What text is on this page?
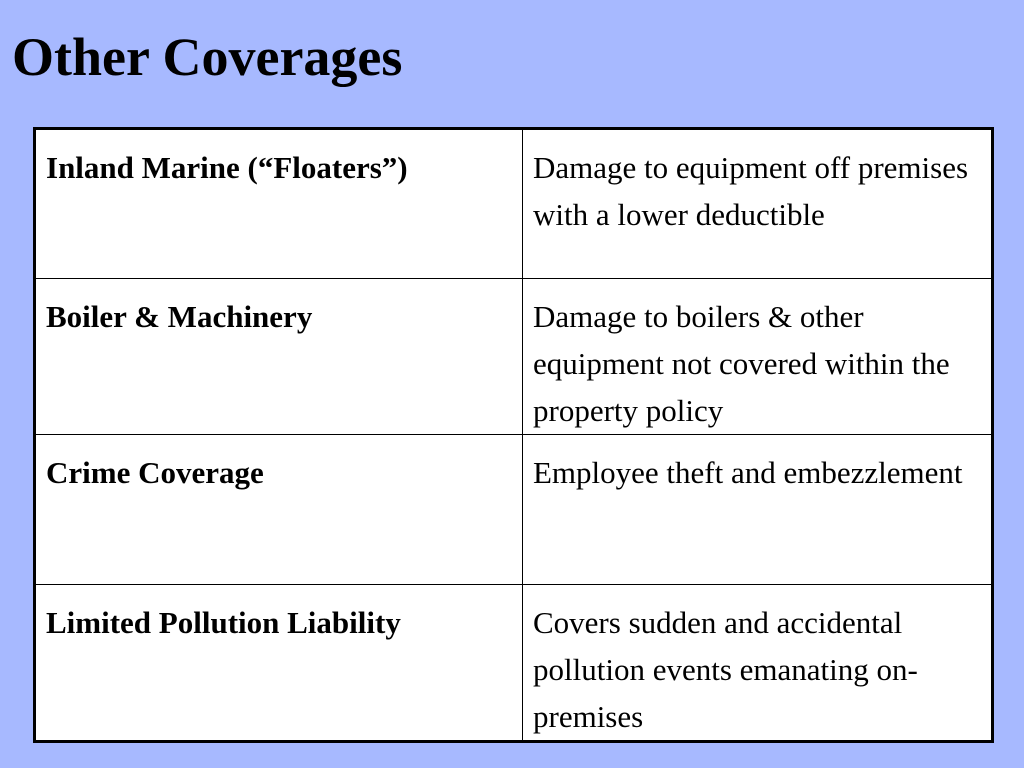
Other Coverages
Inland Marine (“Floaters”)	Damage to equipment off premises with a lower deductible
Boiler & Machinery	Damage to boilers & other equipment not covered within the property policy
Crime Coverage	Employee theft and embezzlement
Limited Pollution Liability	Covers sudden and accidental pollution events emanating on-premises
